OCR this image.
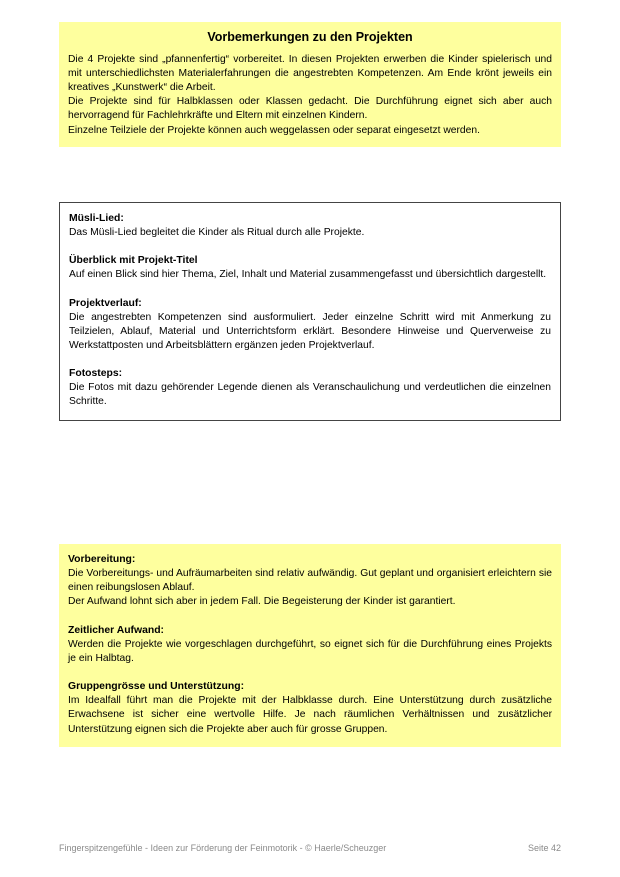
Vorbemerkungen zu den Projekten

Die 4 Projekte sind „pfannenfertig“ vorbereitet. In diesen Projekten erwerben die Kinder spielerisch und mit unterschiedlichsten Materialerfahrungen die angestrebten Kompetenzen. Am Ende krönt jeweils ein kreatives „Kunstwerk“ die Arbeit.

Die Projekte sind für Halbklassen oder Klassen gedacht. Die Durchführung eignet sich aber auch hervorragend für Fachlehrkräfte und Eltern mit einzelnen Kindern.

Einzelne Teilziele der Projekte können auch weggelassen oder separat eingesetzt werden.

Müsli-Lied:
Das Müsli-Lied begleitet die Kinder als Ritual durch alle Projekte.
Überblick mit Projekt-Titel
Auf einen Blick sind hier Thema, Ziel, Inhalt und Material zusammengefasst und übersichtlich dargestellt.
Projektverlauf:
Die angestrebten Kompetenzen sind ausformuliert. Jeder einzelne Schritt wird mit Anmerkung zu Teilzielen, Ablauf, Material und Unterrichtsform erklärt. Besondere Hinweise und Querverweise zu Werkstattposten und Arbeitsblättern ergänzen jeden Projektverlauf.
Fotosteps:
Die Fotos mit dazu gehörender Legende dienen als Veranschaulichung und verdeutlichen die einzelnen Schritte.
Vorbereitung:
Die Vorbereitungs- und Aufräumarbeiten sind relativ aufwändig. Gut geplant und organisiert erleichtern sie einen reibungslosen Ablauf.
Der Aufwand lohnt sich aber in jedem Fall. Die Begeisterung der Kinder ist garantiert.
Zeitlicher Aufwand:
Werden die Projekte wie vorgeschlagen durchgeführt, so eignet sich für die Durchführung eines Projekts je ein Halbtag.
Gruppengrösse und Unterstützung:
Im Idealfall führt man die Projekte mit der Halbklasse durch. Eine Unterstützung durch zusätzliche Erwachsene ist sicher eine wertvolle Hilfe. Je nach räumlichen Verhältnissen und zusätzlicher Unterstützung eignen sich die Projekte aber auch für grosse Gruppen.
Fingerspitzengefühle - Ideen zur Förderung der Feinmotorik - © Haerle/Scheuzger	Seite 42
